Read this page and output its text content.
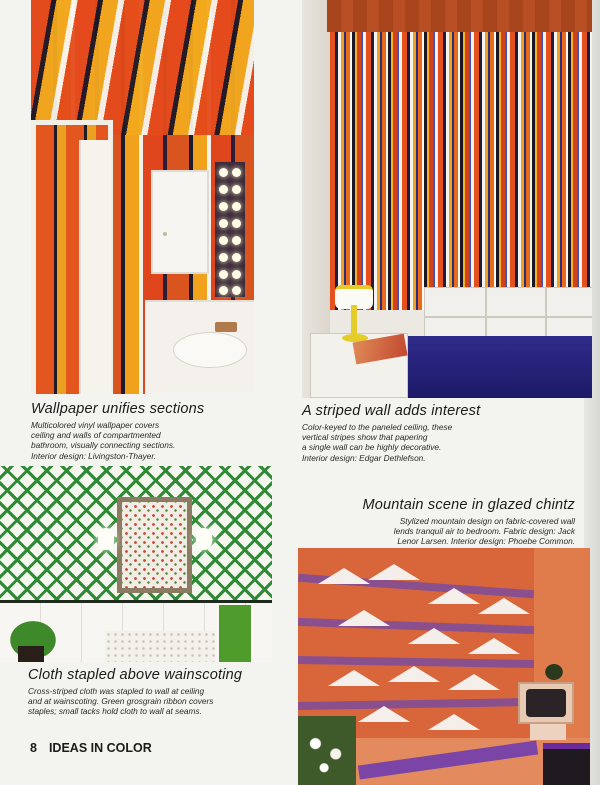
Wallpaper unifies sections

Multicolored vinyl wallpaper covers
ceiling and walls of compartmented
bathroom, visually connecting sections.
Interior design: Livingston-Thayer.

A striped wall adds interest

Color-keyed to the paneled ceiling, these
vertical stripes show that papering
a single wall can be highly decorative.
Interior design: Edgar Dethlefson.

Mountain scene in glazed chintz

Stylized mountain design on fabric-covered wall
lends tranquil air to bedroom. Fabric design: Jack
Lenor Larsen. Interior design: Phoebe Common.

Cloth stapled above wainscoting

Cross-striped cloth was stapled to wall at ceiling
and at wainscoting. Green grosgrain ribbon covers
staples; small tacks hold cloth to wall at seams.

8 IDEAS IN COLOR
